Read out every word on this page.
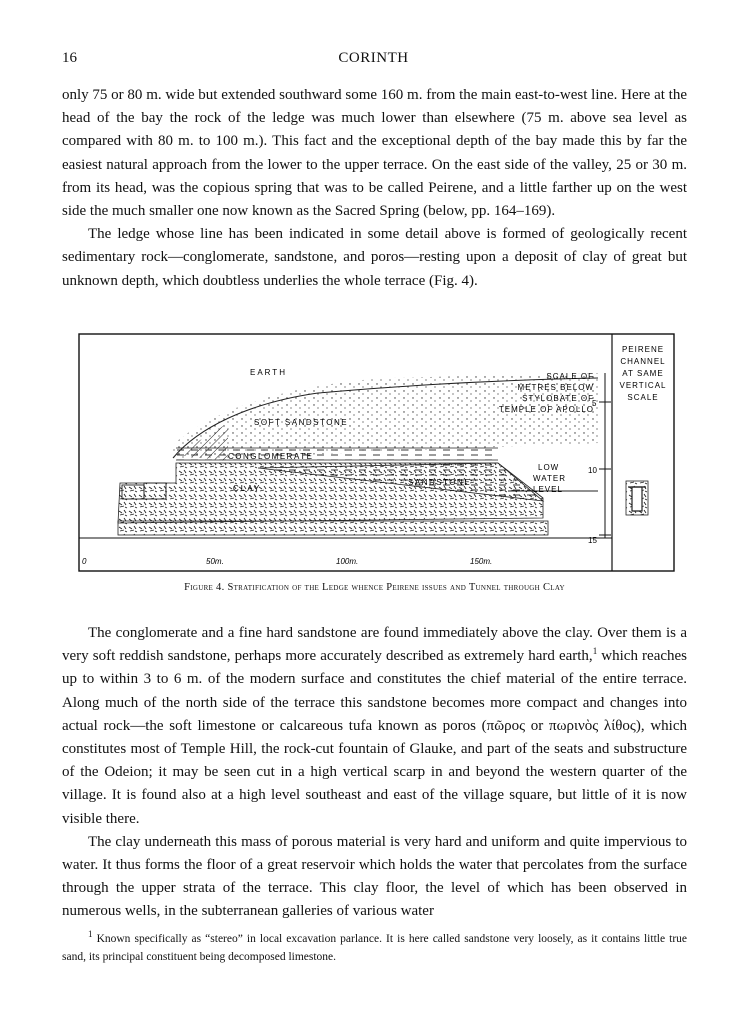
16	CORINTH

only 75 or 80 m. wide but extended southward some 160 m. from the main east-to-west line. Here at the head of the bay the rock of the ledge was much lower than elsewhere (75 m. above sea level as compared with 80 m. to 100 m.). This fact and the exceptional depth of the bay made this by far the easiest natural approach from the lower to the upper terrace. On the east side of the valley, 25 or 30 m. from its head, was the copious spring that was to be called Peirene, and a little farther up on the west side the much smaller one now known as the Sacred Spring (below, pp. 164–169).

The ledge whose line has been indicated in some detail above is formed of geologically recent sedimentary rock—conglomerate, sandstone, and poros—resting upon a deposit of clay of great but unknown depth, which doubtless underlies the whole terrace (Fig. 4).

5
10
15
EARTH
SOFT SANDSTONE
CONGLOMERATE
CLAY
SANDSTONE
LOW
WATER
LEVEL
SCALE OF
METRES BELOW
STYLOBATE OF
TEMPLE OF APOLLO
PEIRENE
CHANNEL
AT SAME
VERTICAL
SCALE
0	50m.	100m.	150m.
Figure 4. Stratification of the Ledge whence Peirene issues and Tunnel through Clay

The conglomerate and a fine hard sandstone are found immediately above the clay. Over them is a very soft reddish sandstone, perhaps more accurately described as extremely hard earth,$^1$ which reaches up to within 3 to 6 m. of the modern surface and constitutes the chief material of the entire terrace. Along much of the north side of the terrace this sandstone becomes more compact and changes into actual rock—the soft limestone or calcareous tufa known as poros (πῶρος or πωρινὸς λίθος), which constitutes most of Temple Hill, the rock-cut fountain of Glauke, and part of the seats and substructure of the Odeion; it may be seen cut in a high vertical scarp in and beyond the western quarter of the village. It is found also at a high level southeast and east of the village square, but little of it is now visible there.

The clay underneath this mass of porous material is very hard and uniform and quite impervious to water. It thus forms the floor of a great reservoir which holds the water that percolates from the surface through the upper strata of the terrace. This clay floor, the level of which has been observed in numerous wells, in the subterranean galleries of various water

$^1$ Known specifically as “stereo” in local excavation parlance. It is here called sandstone very loosely, as it contains little true sand, its principal constituent being decomposed limestone.
